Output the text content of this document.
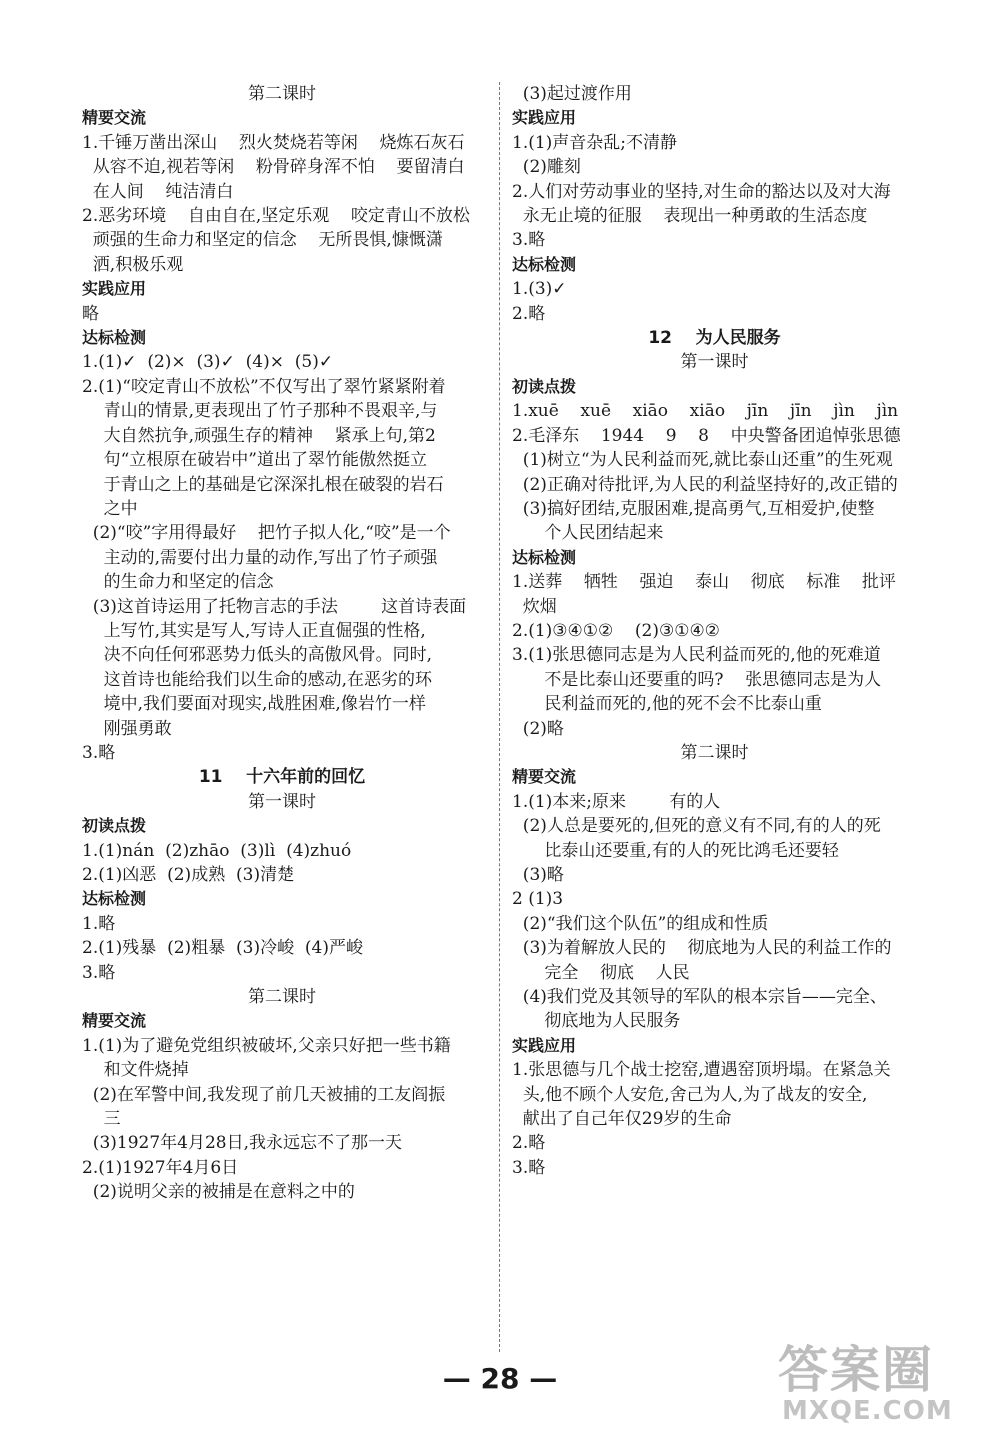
第二课时
精要交流
1.千锤万凿出深山    烈火焚烧若等闲    烧炼石灰石
从容不迫,视若等闲    粉骨碎身浑不怕    要留清白
在人间    纯洁清白
2.恶劣环境    自由自在,坚定乐观    咬定青山不放松
顽强的生命力和坚定的信念    无所畏惧,慷慨潇
洒,积极乐观
实践应用
略
达标检测
1.(1)✓  (2)×  (3)✓  (4)×  (5)✓
2.(1)“咬定青山不放松”不仅写出了翠竹紧紧附着
青山的情景,更表现出了竹子那种不畏艰辛,与
大自然抗争,顽强生存的精神    紧承上句,第2
句“立根原在破岩中”道出了翠竹能傲然挺立
于青山之上的基础是它深深扎根在破裂的岩石
之中
(2)“咬”字用得最好    把竹子拟人化,“咬”是一个
主动的,需要付出力量的动作,写出了竹子顽强
的生命力和坚定的信念
(3)这首诗运用了托物言志的手法        这首诗表面
上写竹,其实是写人,写诗人正直倔强的性格,
决不向任何邪恶势力低头的高傲风骨。同时,
这首诗也能给我们以生命的感动,在恶劣的环
境中,我们要面对现实,战胜困难,像岩竹一样
刚强勇敢
3.略
11    十六年前的回忆
第一课时
初读点拨
1.(1)nán  (2)zhāo  (3)lì  (4)zhuó
2.(1)凶恶  (2)成熟  (3)清楚
达标检测
1.略
2.(1)残暴  (2)粗暴  (3)冷峻  (4)严峻
3.略
第二课时
精要交流
1.(1)为了避免党组织被破坏,父亲只好把一些书籍
和文件烧掉
(2)在军警中间,我发现了前几天被捕的工友阎振
三
(3)1927年4月28日,我永远忘不了那一天
2.(1)1927年4月6日
(2)说明父亲的被捕是在意料之中的
(3)起过渡作用
实践应用
1.(1)声音杂乱;不清静
(2)雕刻
2.人们对劳动事业的坚持,对生命的豁达以及对大海
永无止境的征服    表现出一种勇敢的生活态度
3.略
达标检测
1.(3)✓
2.略
12    为人民服务
第一课时
初读点拨
1.xuē    xuē    xiāo    xiāo    jīn    jīn    jìn    jìn
2.毛泽东    1944    9    8    中央警备团追悼张思德
(1)树立“为人民利益而死,就比泰山还重”的生死观
(2)正确对待批评,为人民的利益坚持好的,改正错的
(3)搞好团结,克服困难,提高勇气,互相爱护,使整
个人民团结起来
达标检测
1.送葬    牺牲    强迫    泰山    彻底    标准    批评
炊烟
2.(1)③④①②    (2)③①④②
3.(1)张思德同志是为人民利益而死的,他的死难道
不是比泰山还要重的吗?    张思德同志是为人
民利益而死的,他的死不会不比泰山重
(2)略
第二课时
精要交流
1.(1)本来;原来        有的人
(2)人总是要死的,但死的意义有不同,有的人的死
比泰山还要重,有的人的死比鸿毛还要轻
(3)略
2 (1)3
(2)“我们这个队伍”的组成和性质
(3)为着解放人民的    彻底地为人民的利益工作的
完全    彻底    人民
(4)我们党及其领导的军队的根本宗旨——完全、
彻底地为人民服务
实践应用
1.张思德与几个战士挖窑,遭遇窑顶坍塌。在紧急关
头,他不顾个人安危,舍己为人,为了战友的安全,
献出了自己年仅29岁的生命
2.略
3.略
— 28 —	答案圈
MXQE.COM
